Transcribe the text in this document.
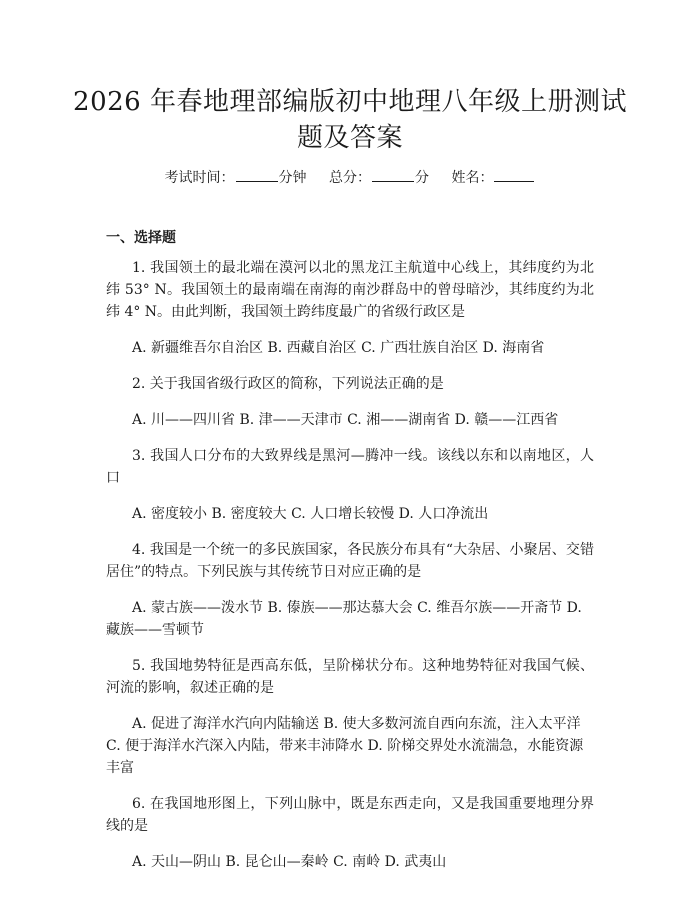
2026 年春地理部编版初中地理八年级上册测试题及答案
考试时间：	分钟 总分：	分 姓名：
一、选择题

1. 我国领土的最北端在漠河以北的黑龙江主航道中心线上，其纬度约为北纬 53° N。我国领土的最南端在南海的南沙群岛中的曾母暗沙，其纬度约为北纬 4° N。由此判断，我国领土跨纬度最广的省级行政区是

A. 新疆维吾尔自治区 B. 西藏自治区 C. 广西壮族自治区 D. 海南省

2. 关于我国省级行政区的简称，下列说法正确的是

A. 川——四川省 B. 津——天津市 C. 湘——湖南省 D. 赣——江西省

3. 我国人口分布的大致界线是黑河—腾冲一线。该线以东和以南地区，人口

A. 密度较小 B. 密度较大 C. 人口增长较慢 D. 人口净流出

4. 我国是一个统一的多民族国家，各民族分布具有“大杂居、小聚居、交错居住”的特点。下列民族与其传统节日对应正确的是

A. 蒙古族——泼水节 B. 傣族——那达慕大会 C. 维吾尔族——开斋节 D. 藏族——雪顿节

5. 我国地势特征是西高东低，呈阶梯状分布。这种地势特征对我国气候、河流的影响，叙述正确的是

A. 促进了海洋水汽向内陆输送 B. 使大多数河流自西向东流，注入太平洋 C. 便于海洋水汽深入内陆，带来丰沛降水 D. 阶梯交界处水流湍急，水能资源丰富

6. 在我国地形图上，下列山脉中，既是东西走向，又是我国重要地理分界线的是

A. 天山—阴山 B. 昆仑山—秦岭 C. 南岭 D. 武夷山
